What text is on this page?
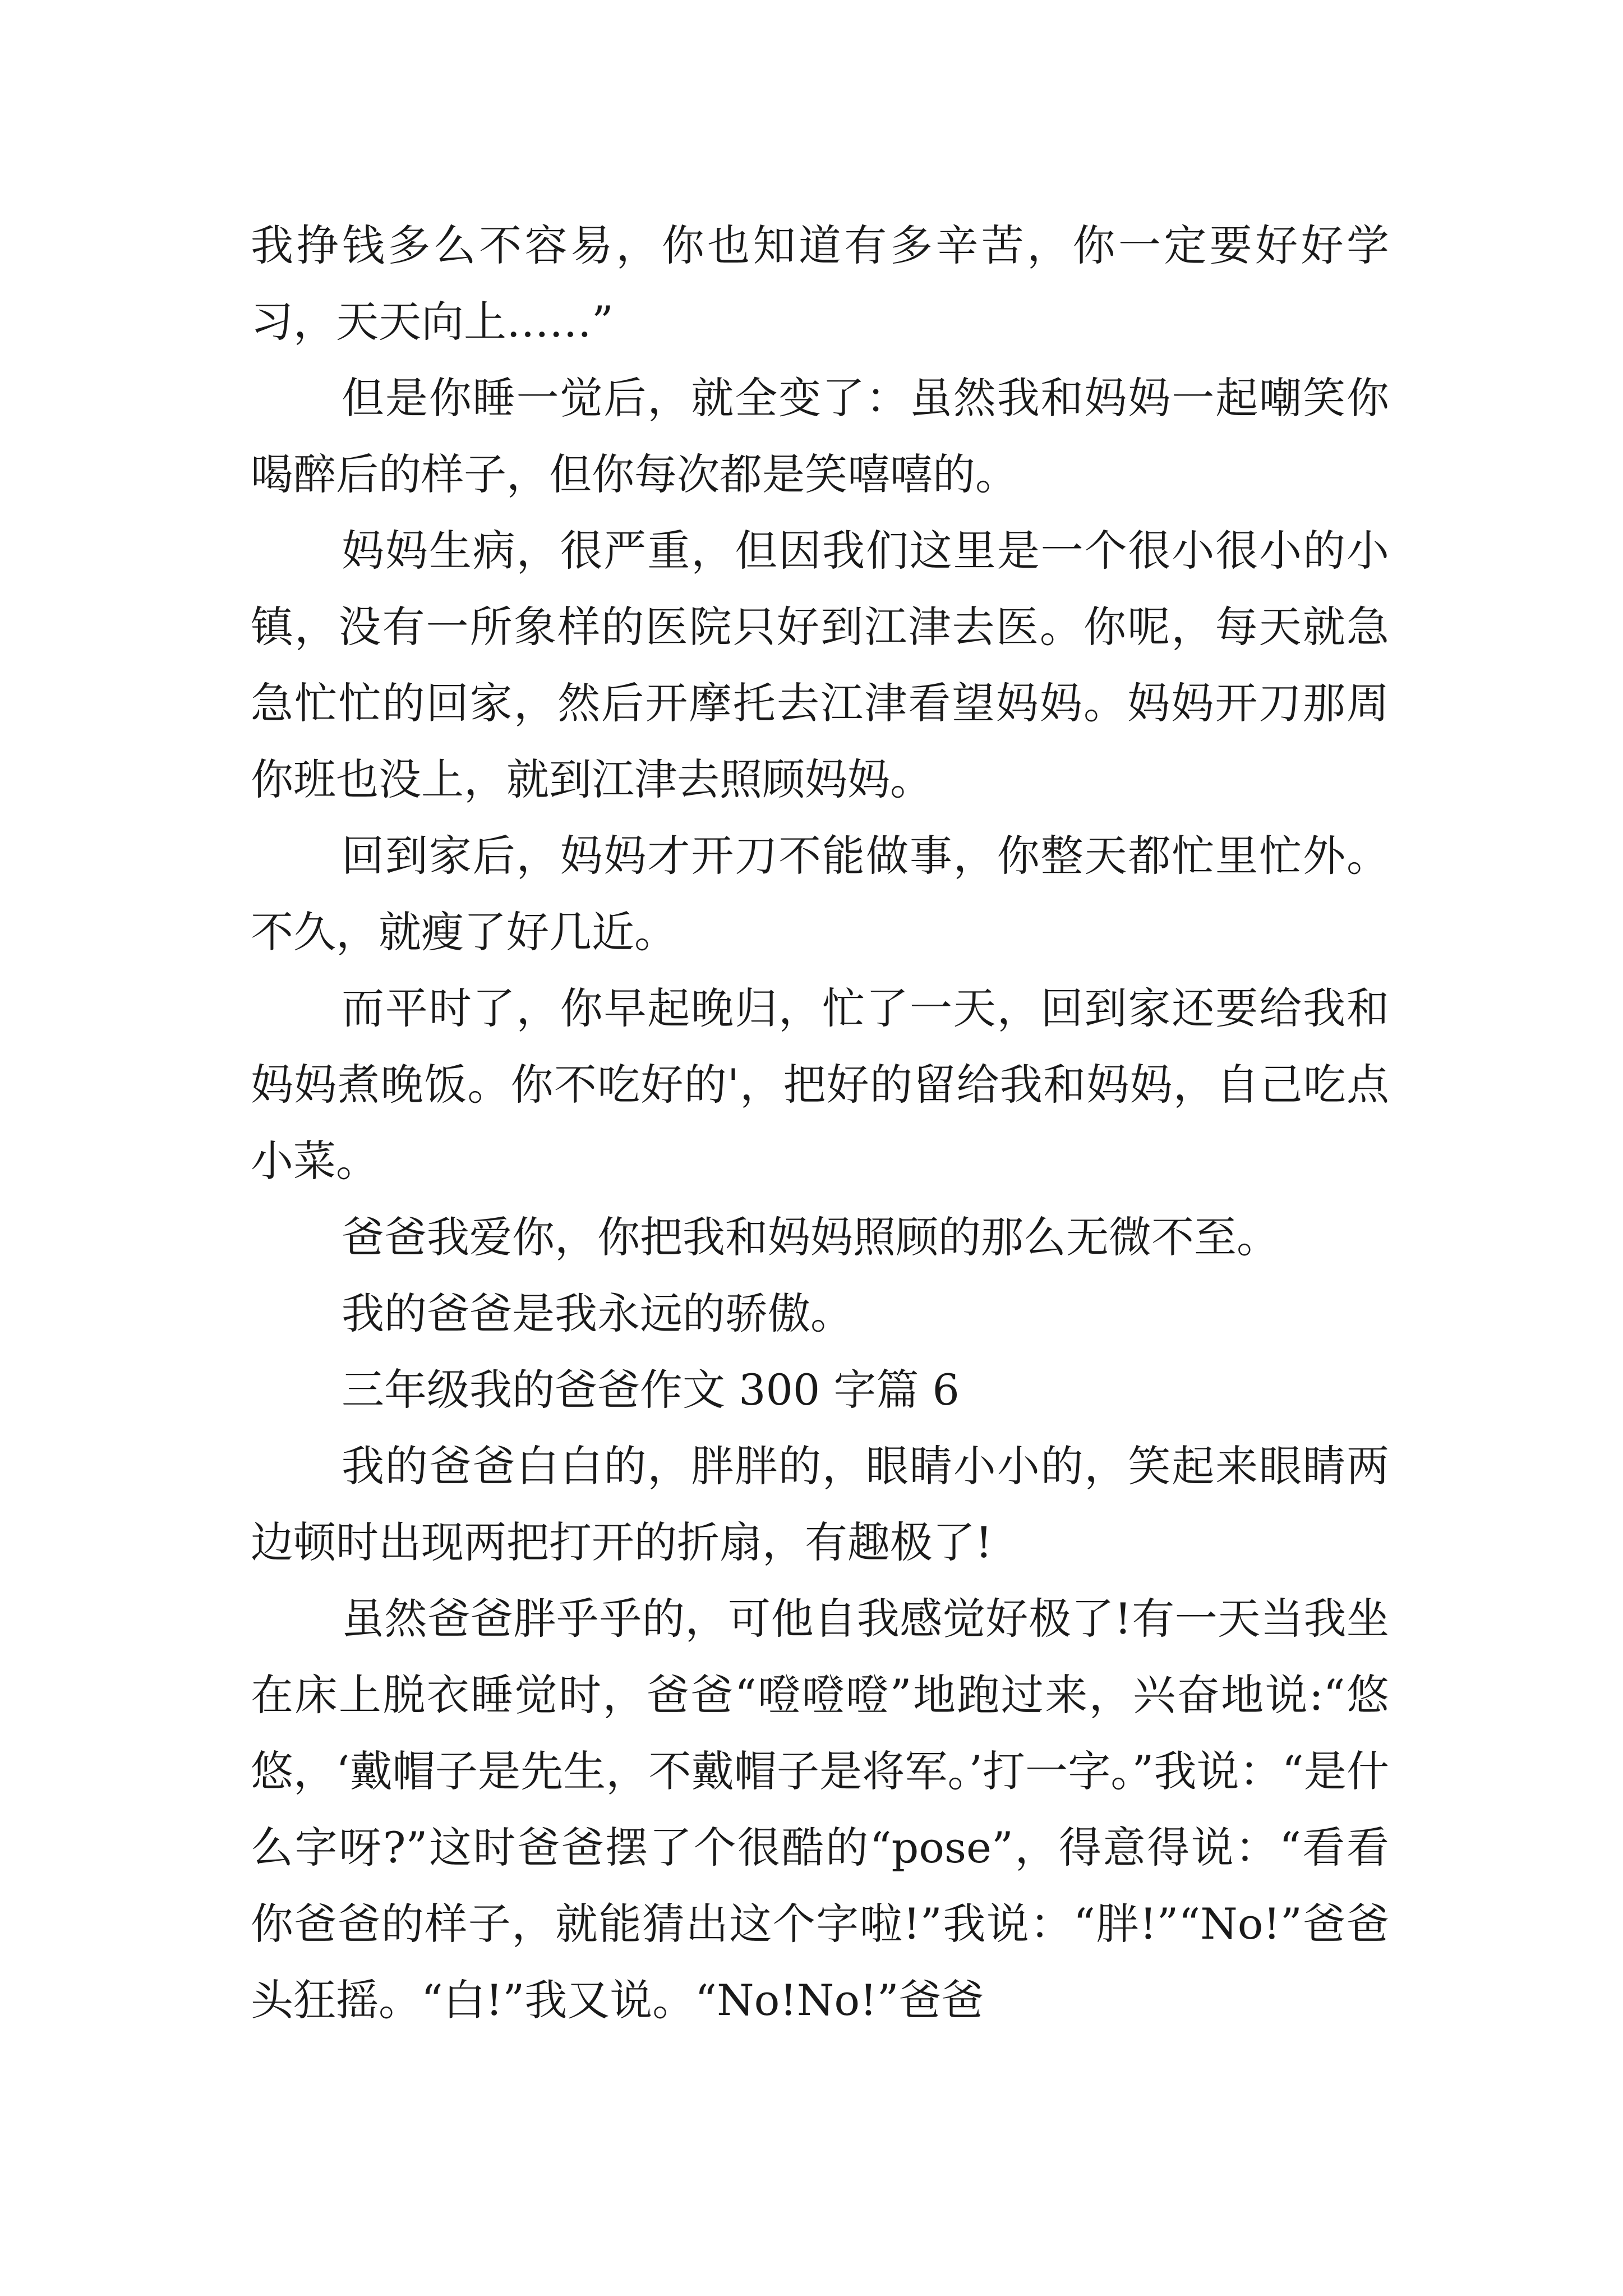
我挣钱多么不容易，你也知道有多辛苦，你一定要好好学习，天天向上……”

但是你睡一觉后，就全变了：虽然我和妈妈一起嘲笑你喝醉后的样子，但你每次都是笑嘻嘻的。

妈妈生病，很严重，但因我们这里是一个很小很小的小镇，没有一所象样的医院只好到江津去医。你呢，每天就急急忙忙的回家，然后开摩托去江津看望妈妈。妈妈开刀那周你班也没上，就到江津去照顾妈妈。

回到家后，妈妈才开刀不能做事，你整天都忙里忙外。不久，就瘦了好几近。

而平时了，你早起晚归，忙了一天，回到家还要给我和妈妈煮晚饭。你不吃好的'，把好的留给我和妈妈，自己吃点小菜。

爸爸我爱你，你把我和妈妈照顾的那么无微不至。

我的爸爸是我永远的骄傲。

三年级我的爸爸作文 300 字篇 6

我的爸爸白白的，胖胖的，眼睛小小的，笑起来眼睛两边顿时出现两把打开的折扇，有趣极了!

虽然爸爸胖乎乎的，可他自我感觉好极了!有一天当我坐在床上脱衣睡觉时，爸爸“噔噔噔”地跑过来，兴奋地说:“悠悠，‘戴帽子是先生，不戴帽子是将军。’打一字。”我说：“是什么字呀?”这时爸爸摆了个很酷的“pose”，得意得说：“看看你爸爸的样子，就能猜出这个字啦!”我说：“胖!”“No!”爸爸头狂摇。“白!”我又说。“No!No!”爸爸
